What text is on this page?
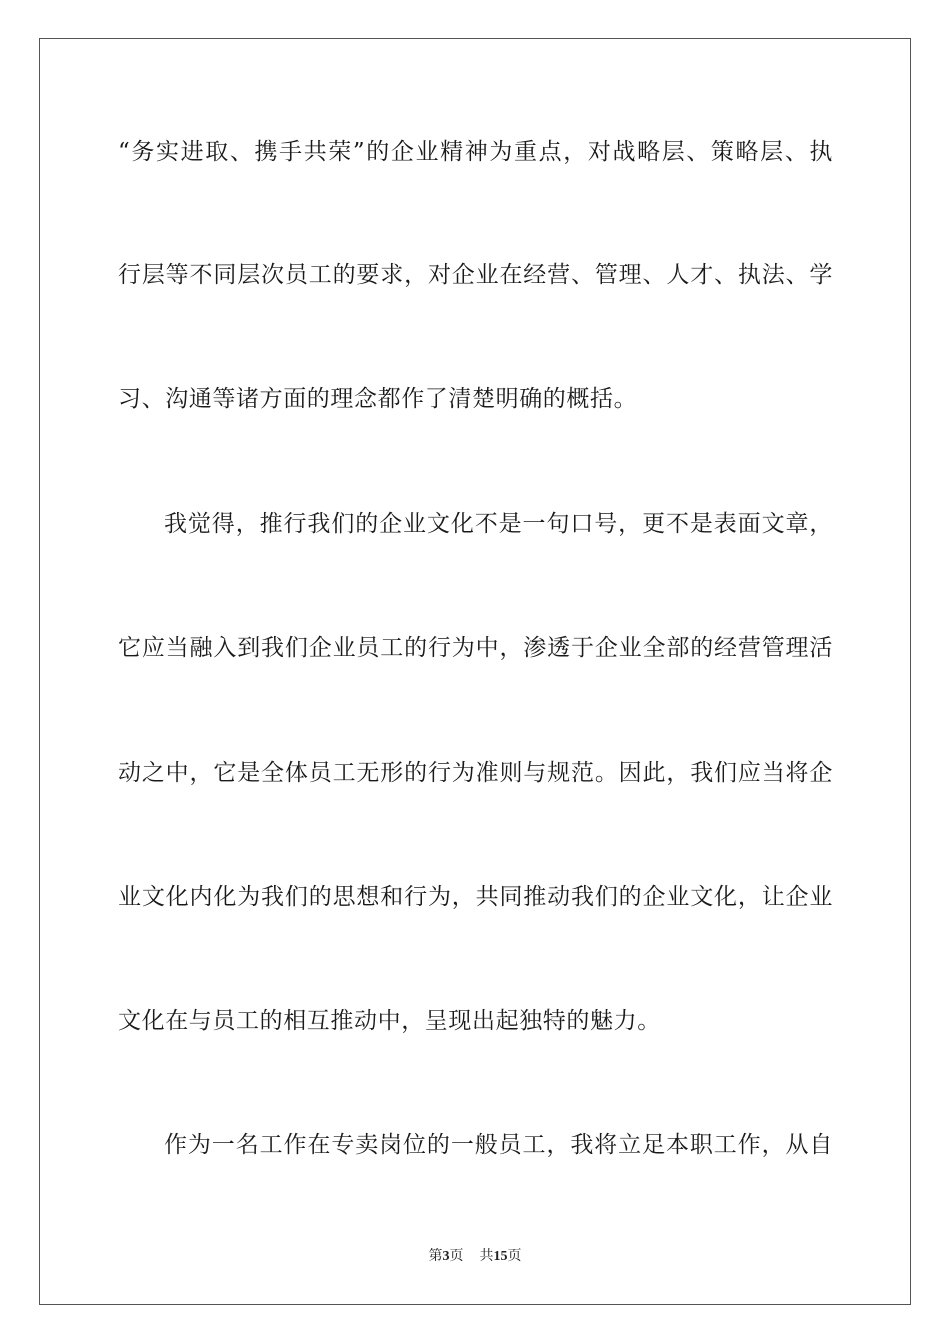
“务实进取、携手共荣”的企业精神为重点，对战略层、策略层、执
行层等不同层次员工的要求，对企业在经营、管理、人才、执法、学
习、沟通等诸方面的理念都作了清楚明确的概括。
我觉得，推行我们的企业文化不是一句口号，更不是表面文章，
它应当融入到我们企业员工的行为中，渗透于企业全部的经营管理活
动之中，它是全体员工无形的行为准则与规范。因此，我们应当将企
业文化内化为我们的思想和行为，共同推动我们的企业文化，让企业
文化在与员工的相互推动中，呈现出起独特的魅力。
作为一名工作在专卖岗位的一般员工，我将立足本职工作，从自
第3页 共15页
